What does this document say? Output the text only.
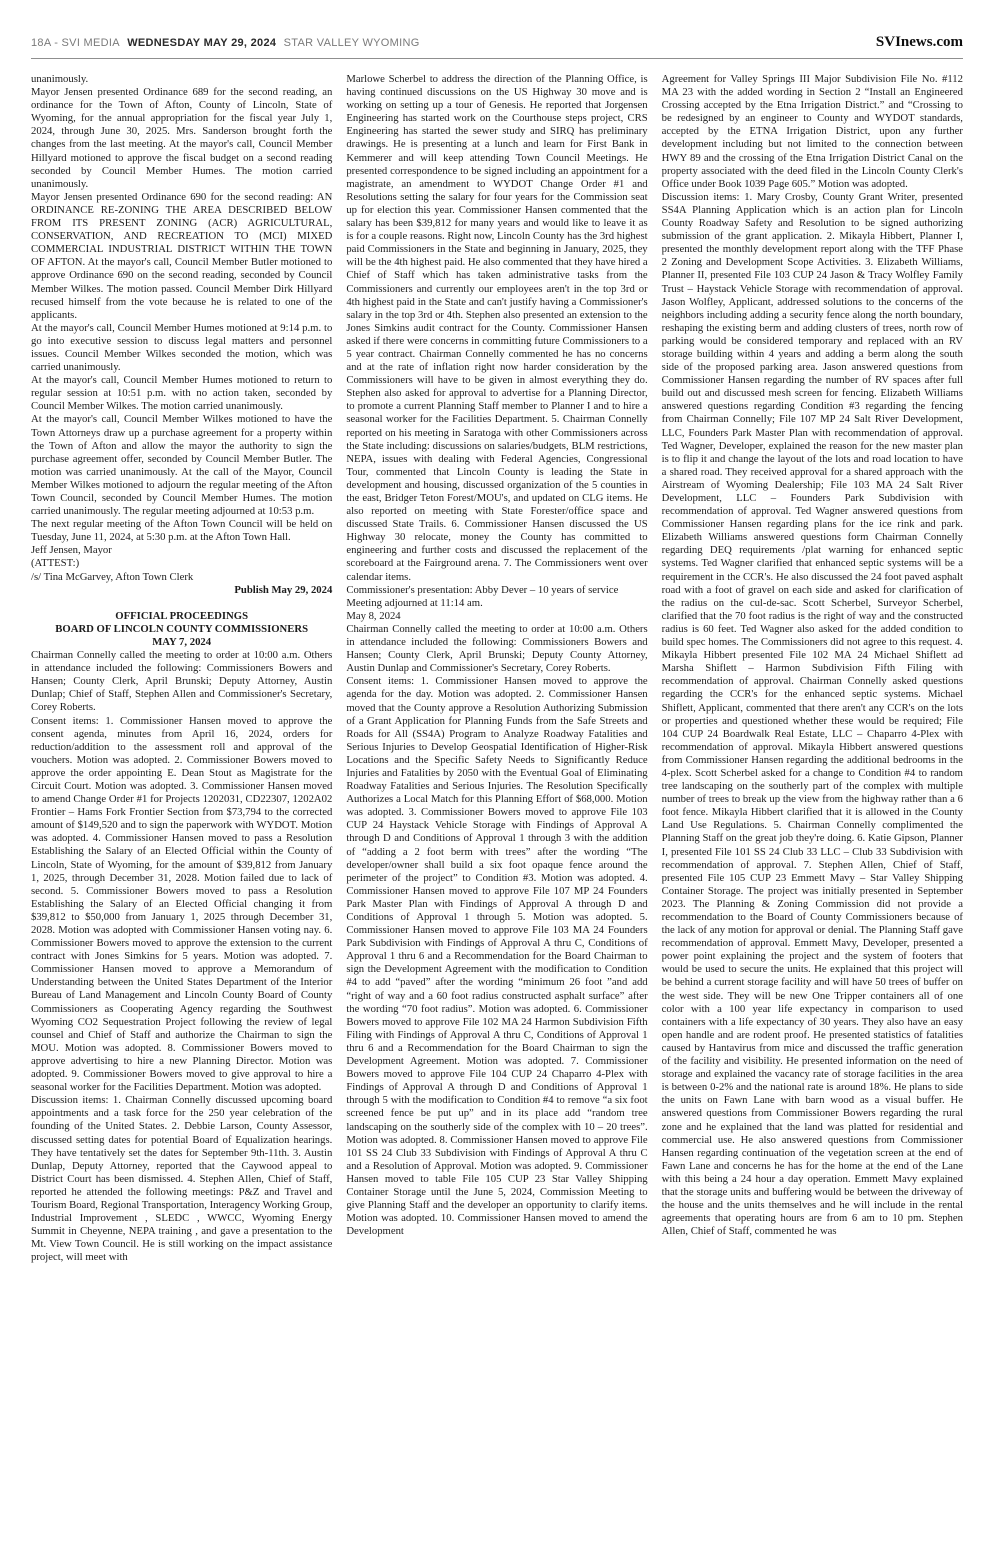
18A - SVI MEDIA WEDNESDAY MAY 29, 2024 STAR VALLEY WYOMING	SVInews.com

unanimously.

Mayor Jensen presented Ordinance 689 for the second reading, an ordinance for the Town of Afton, County of Lincoln, State of Wyoming, for the annual appropriation for the fiscal year July 1, 2024, through June 30, 2025. Mrs. Sanderson brought forth the changes from the last meeting. At the mayor's call, Council Member Hillyard motioned to approve the fiscal budget on a second reading seconded by Council Member Humes. The motion carried unanimously.

Mayor Jensen presented Ordinance 690 for the second reading: AN ORDINANCE RE-ZONING THE AREA DESCRIBED BELOW FROM ITS PRESENT ZONING (ACR) AGRICULTURAL, CONSERVATION, AND RECREATION TO (MCI) MIXED COMMERCIAL INDUSTRIAL DISTRICT WITHIN THE TOWN OF AFTON. At the mayor's call, Council Member Butler motioned to approve Ordinance 690 on the second reading, seconded by Council Member Wilkes. The motion passed. Council Member Dirk Hillyard recused himself from the vote because he is related to one of the applicants.

At the mayor's call, Council Member Humes motioned at 9:14 p.m. to go into executive session to discuss legal matters and personnel issues. Council Member Wilkes seconded the motion, which was carried unanimously.

At the mayor's call, Council Member Humes motioned to return to regular session at 10:51 p.m. with no action taken, seconded by Council Member Wilkes. The motion carried unanimously.

At the mayor's call, Council Member Wilkes motioned to have the Town Attorneys draw up a purchase agreement for a property within the Town of Afton and allow the mayor the authority to sign the purchase agreement offer, seconded by Council Member Butler. The motion was carried unanimously. At the call of the Mayor, Council Member Wilkes motioned to adjourn the regular meeting of the Afton Town Council, seconded by Council Member Humes. The motion carried unanimously. The regular meeting adjourned at 10:53 p.m.

The next regular meeting of the Afton Town Council will be held on Tuesday, June 11, 2024, at 5:30 p.m. at the Afton Town Hall.

Jeff Jensen, Mayor

(ATTEST:)

/s/ Tina McGarvey, Afton Town Clerk

Publish May 29, 2024

OFFICIAL PROCEEDINGS
BOARD OF LINCOLN COUNTY COMMISSIONERS
MAY 7, 2024

Chairman Connelly called the meeting to order at 10:00 a.m. Others in attendance included the following: Commissioners Bowers and Hansen; County Clerk, April Brunski; Deputy Attorney, Austin Dunlap; Chief of Staff, Stephen Allen and Commissioner's Secretary, Corey Roberts.

Consent items: 1. Commissioner Hansen moved to approve the consent agenda, minutes from April 16, 2024, orders for reduction/addition to the assessment roll and approval of the vouchers. Motion was adopted. 2. Commissioner Bowers moved to approve the order appointing E. Dean Stout as Magistrate for the Circuit Court. Motion was adopted. 3. Commissioner Hansen moved to amend Change Order #1 for Projects 1202031, CD22307, 1202A02 Frontier – Hams Fork Frontier Section from $73,794 to the corrected amount of $149,520 and to sign the paperwork with WYDOT. Motion was adopted. 4. Commissioner Hansen moved to pass a Resolution Establishing the Salary of an Elected Official within the County of Lincoln, State of Wyoming, for the amount of $39,812 from January 1, 2025, through December 31, 2028. Motion failed due to lack of second. 5. Commissioner Bowers moved to pass a Resolution Establishing the Salary of an Elected Official changing it from $39,812 to $50,000 from January 1, 2025 through December 31, 2028. Motion was adopted with Commissioner Hansen voting nay. 6. Commissioner Bowers moved to approve the extension to the current contract with Jones Simkins for 5 years. Motion was adopted. 7. Commissioner Hansen moved to approve a Memorandum of Understanding between the United States Department of the Interior Bureau of Land Management and Lincoln County Board of County Commissioners as Cooperating Agency regarding the Southwest Wyoming CO2 Sequestration Project following the review of legal counsel and Chief of Staff and authorize the Chairman to sign the MOU. Motion was adopted. 8. Commissioner Bowers moved to approve advertising to hire a new Planning Director. Motion was adopted. 9. Commissioner Bowers moved to give approval to hire a seasonal worker for the Facilities Department. Motion was adopted.

Discussion items: 1. Chairman Connelly discussed upcoming board appointments and a task force for the 250 year celebration of the founding of the United States. 2. Debbie Larson, County Assessor, discussed setting dates for potential Board of Equalization hearings. They have tentatively set the dates for September 9th-11th. 3. Austin Dunlap, Deputy Attorney, reported that the Caywood appeal to District Court has been dismissed. 4. Stephen Allen, Chief of Staff, reported he attended the following meetings: P&Z and Travel and Tourism Board, Regional Transportation, Interagency Working Group, Industrial Improvement , SLEDC , WWCC, Wyoming Energy Summit in Cheyenne, NEPA training , and gave a presentation to the Mt. View Town Council. He is still working on the impact assistance project, will meet with

Marlowe Scherbel to address the direction of the Planning Office, is having continued discussions on the US Highway 30 move and is working on setting up a tour of Genesis. He reported that Jorgensen Engineering has started work on the Courthouse steps project, CRS Engineering has started the sewer study and SIRQ has preliminary drawings. He is presenting at a lunch and learn for First Bank in Kemmerer and will keep attending Town Council Meetings. He presented correspondence to be signed including an appointment for a magistrate, an amendment to WYDOT Change Order #1 and Resolutions setting the salary for four years for the Commission seat up for election this year. Commissioner Hansen commented that the salary has been $39,812 for many years and would like to leave it as is for a couple reasons. Right now, Lincoln County has the 3rd highest paid Commissioners in the State and beginning in January, 2025, they will be the 4th highest paid. He also commented that they have hired a Chief of Staff which has taken administrative tasks from the Commissioners and currently our employees aren't in the top 3rd or 4th highest paid in the State and can't justify having a Commissioner's salary in the top 3rd or 4th. Stephen also presented an extension to the Jones Simkins audit contract for the County. Commissioner Hansen asked if there were concerns in committing future Commissioners to a 5 year contract. Chairman Connelly commented he has no concerns and at the rate of inflation right now harder consideration by the Commissioners will have to be given in almost everything they do. Stephen also asked for approval to advertise for a Planning Director, to promote a current Planning Staff member to Planner I and to hire a seasonal worker for the Facilities Department. 5. Chairman Connelly reported on his meeting in Saratoga with other Commissioners across the State including: discussions on salaries/budgets, BLM restrictions, NEPA, issues with dealing with Federal Agencies, Congressional Tour, commented that Lincoln County is leading the State in development and housing, discussed organization of the 5 counties in the east, Bridger Teton Forest/MOU's, and updated on CLG items. He also reported on meeting with State Forester/office space and discussed State Trails. 6. Commissioner Hansen discussed the US Highway 30 relocate, money the County has committed to engineering and further costs and discussed the replacement of the scoreboard at the Fairground arena. 7. The Commissioners went over calendar items.

Commissioner's presentation: Abby Dever – 10 years of service

Meeting adjourned at 11:14 am.

May 8, 2024

Chairman Connelly called the meeting to order at 10:00 a.m. Others in attendance included the following: Commissioners Bowers and Hansen; County Clerk, April Brunski; Deputy County Attorney, Austin Dunlap and Commissioner's Secretary, Corey Roberts.

Consent items: 1. Commissioner Hansen moved to approve the agenda for the day. Motion was adopted. 2. Commissioner Hansen moved that the County approve a Resolution Authorizing Submission of a Grant Application for Planning Funds from the Safe Streets and Roads for All (SS4A) Program to Analyze Roadway Fatalities and Serious Injuries to Develop Geospatial Identification of Higher-Risk Locations and the Specific Safety Needs to Significantly Reduce Injuries and Fatalities by 2050 with the Eventual Goal of Eliminating Roadway Fatalities and Serious Injuries. The Resolution Specifically Authorizes a Local Match for this Planning Effort of $68,000. Motion was adopted. 3. Commissioner Bowers moved to approve File 103 CUP 24 Haystack Vehicle Storage with Findings of Approval A through D and Conditions of Approval 1 through 3 with the addition of “adding a 2 foot berm with trees” after the wording “The developer/owner shall build a six foot opaque fence around the perimeter of the project” to Condition #3. Motion was adopted. 4. Commissioner Hansen moved to approve File 107 MP 24 Founders Park Master Plan with Findings of Approval A through D and Conditions of Approval 1 through 5. Motion was adopted. 5. Commissioner Hansen moved to approve File 103 MA 24 Founders Park Subdivision with Findings of Approval A thru C, Conditions of Approval 1 thru 6 and a Recommendation for the Board Chairman to sign the Development Agreement with the modification to Condition #4 to add “paved” after the wording “minimum 26 foot ”and add “right of way and a 60 foot radius constructed asphalt surface” after the wording “70 foot radius”. Motion was adopted. 6. Commissioner Bowers moved to approve File 102 MA 24 Harmon Subdivision Fifth Filing with Findings of Approval A thru C, Conditions of Approval 1 thru 6 and a Recommendation for the Board Chairman to sign the Development Agreement. Motion was adopted. 7. Commissioner Bowers moved to approve File 104 CUP 24 Chaparro 4-Plex with Findings of Approval A through D and Conditions of Approval 1 through 5 with the modification to Condition #4 to remove “a six foot screened fence be put up” and in its place add “random tree landscaping on the southerly side of the complex with 10 – 20 trees”. Motion was adopted. 8. Commissioner Hansen moved to approve File 101 SS 24 Club 33 Subdivision with Findings of Approval A thru C and a Resolution of Approval. Motion was adopted. 9. Commissioner Hansen moved to table File 105 CUP 23 Star Valley Shipping Container Storage until the June 5, 2024, Commission Meeting to give Planning Staff and the developer an opportunity to clarify items. Motion was adopted. 10. Commissioner Hansen moved to amend the Development

Agreement for Valley Springs III Major Subdivision File No. #112 MA 23 with the added wording in Section 2 “Install an Engineered Crossing accepted by the Etna Irrigation District.” and “Crossing to be redesigned by an engineer to County and WYDOT standards, accepted by the ETNA Irrigation District, upon any further development including but not limited to the connection between HWY 89 and the crossing of the Etna Irrigation District Canal on the property associated with the deed filed in the Lincoln County Clerk's Office under Book 1039 Page 605.” Motion was adopted.

Discussion items: 1. Mary Crosby, County Grant Writer, presented SS4A Planning Application which is an action plan for Lincoln County Roadway Safety and Resolution to be signed authorizing submission of the grant application. 2. Mikayla Hibbert, Planner I, presented the monthly development report along with the TFF Phase 2 Zoning and Development Scope Activities. 3. Elizabeth Williams, Planner II, presented File 103 CUP 24 Jason & Tracy Wolfley Family Trust – Haystack Vehicle Storage with recommendation of approval. Jason Wolfley, Applicant, addressed solutions to the concerns of the neighbors including adding a security fence along the north boundary, reshaping the existing berm and adding clusters of trees, north row of parking would be considered temporary and replaced with an RV storage building within 4 years and adding a berm along the south side of the proposed parking area. Jason answered questions from Commissioner Hansen regarding the number of RV spaces after full build out and discussed mesh screen for fencing. Elizabeth Williams answered questions regarding Condition #3 regarding the fencing from Chairman Connelly; File 107 MP 24 Salt River Development, LLC, Founders Park Master Plan with recommendation of approval. Ted Wagner, Developer, explained the reason for the new master plan is to flip it and change the layout of the lots and road location to have a shared road. They received approval for a shared approach with the Airstream of Wyoming Dealership; File 103 MA 24 Salt River Development, LLC – Founders Park Subdivision with recommendation of approval. Ted Wagner answered questions from Commissioner Hansen regarding plans for the ice rink and park. Elizabeth Williams answered questions form Chairman Connelly regarding DEQ requirements /plat warning for enhanced septic systems. Ted Wagner clarified that enhanced septic systems will be a requirement in the CCR's. He also discussed the 24 foot paved asphalt road with a foot of gravel on each side and asked for clarification of the radius on the cul-de-sac. Scott Scherbel, Surveyor Scherbel, clarified that the 70 foot radius is the right of way and the constructed radius is 60 feet. Ted Wagner also asked for the added condition to build spec homes. The Commissioners did not agree to this request. 4. Mikayla Hibbert presented File 102 MA 24 Michael Shiflett ad Marsha Shiflett – Harmon Subdivision Fifth Filing with recommendation of approval. Chairman Connelly asked questions regarding the CCR's for the enhanced septic systems. Michael Shiflett, Applicant, commented that there aren't any CCR's on the lots or properties and questioned whether these would be required; File 104 CUP 24 Boardwalk Real Estate, LLC – Chaparro 4-Plex with recommendation of approval. Mikayla Hibbert answered questions from Commissioner Hansen regarding the additional bedrooms in the 4-plex. Scott Scherbel asked for a change to Condition #4 to random tree landscaping on the southerly part of the complex with multiple number of trees to break up the view from the highway rather than a 6 foot fence. Mikayla Hibbert clarified that it is allowed in the County Land Use Regulations. 5. Chairman Connelly complimented the Planning Staff on the great job they're doing. 6. Katie Gipson, Planner I, presented File 101 SS 24 Club 33 LLC – Club 33 Subdivision with recommendation of approval. 7. Stephen Allen, Chief of Staff, presented File 105 CUP 23 Emmett Mavy – Star Valley Shipping Container Storage. The project was initially presented in September 2023. The Planning & Zoning Commission did not provide a recommendation to the Board of County Commissioners because of the lack of any motion for approval or denial. The Planning Staff gave recommendation of approval. Emmett Mavy, Developer, presented a power point explaining the project and the system of footers that would be used to secure the units. He explained that this project will be behind a current storage facility and will have 50 trees of buffer on the west side. They will be new One Tripper containers all of one color with a 100 year life expectancy in comparison to used containers with a life expectancy of 30 years. They also have an easy open handle and are rodent proof. He presented statistics of fatalities caused by Hantavirus from mice and discussed the traffic generation of the facility and visibility. He presented information on the need of storage and explained the vacancy rate of storage facilities in the area is between 0-2% and the national rate is around 18%. He plans to side the units on Fawn Lane with barn wood as a visual buffer. He answered questions from Commissioner Bowers regarding the rural zone and he explained that the land was platted for residential and commercial use. He also answered questions from Commissioner Hansen regarding continuation of the vegetation screen at the end of Fawn Lane and concerns he has for the home at the end of the Lane with this being a 24 hour a day operation. Emmett Mavy explained that the storage units and buffering would be between the driveway of the house and the units themselves and he will include in the rental agreements that operating hours are from 6 am to 10 pm. Stephen Allen, Chief of Staff, commented he was
